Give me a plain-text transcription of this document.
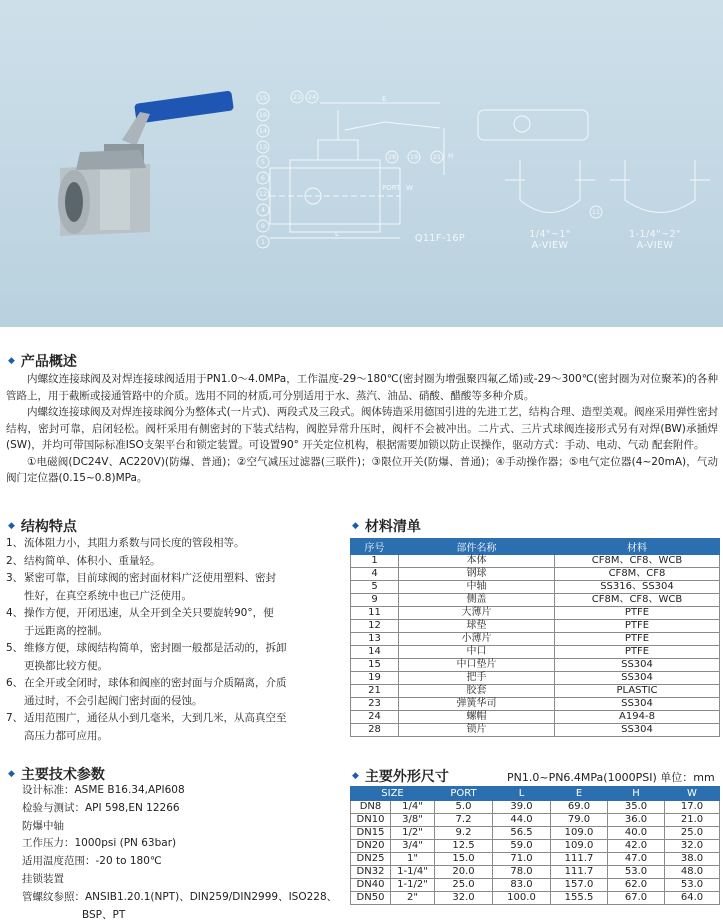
15
16
14
13
5
6
12
4
9
1
23 24
28 19 21
11
E
H
PORT W
L	Q11F-16P	1/4"~1"
A-VIEW
1-1/4"~2"
A-VIEW
◆ 产品概述

内螺纹连接球阀及对焊连接球阀适用于PN1.0～4.0MPa，工作温度-29～180℃(密封圈为增强聚四氟乙烯)或-29～300℃(密封圈为对位聚苯)的各种管路上，用于截断或接通管路中的介质。选用不同的材质,可分别适用于水、蒸汽、油品、硝酸、醋酸等多种介质。

内螺纹连接球阀及对焊连接球阀分为整体式(一片式)、两段式及三段式。阀体铸造采用德国引进的先进工艺，结构合理、造型美观。阀座采用弹性密封结构，密封可靠，启闭轻松。阀杆采用有侧密封的下装式结构，阀腔异常升压时，阀杆不会被冲出。二片式、三片式球阀连接形式另有对焊(BW)承插焊(SW)，并均可带国际标准ISO支架平台和锁定装置。可设置90° 开关定位机构，根据需要加锁以防止误操作，驱动方式：手动、电动、气动 配套附件。

①电磁阀(DC24V、AC220V)(防爆、普通)；②空气减压过滤器(三联件)；③限位开关(防爆、普通)；④手动操作器；⑤电气定位器(4~20mA)，气动阀门定位器(0.15~0.8)MPa。

◆ 结构特点
1、 流体阻力小，其阻力系数与同长度的管段相等。
2、 结构简单、体积小、重量轻。
3、 紧密可靠，目前球阀的密封面材料广泛使用塑料、密封
性好，在真空系统中也已广泛使用。
4、 操作方便，开闭迅速，从全开到全关只要旋转90°，便
于远距离的控制。
5、 维修方便，球阀结构简单，密封圈一般都是活动的，拆卸
更换都比较方便。
6、 在全开或全闭时，球体和阀座的密封面与介质隔离，介质
通过时，不会引起阀门密封面的侵蚀。
7、 适用范围广，通径从小到几毫米，大到几米，从高真空至
高压力都可应用。
◆ 材料清单
序号	部件名称	材料
1	本体	CF8M、CF8、WCB
4	钢球	CF8M、CF8
5	中轴	SS316、SS304
9	侧盖	CF8M、CF8、WCB
11	大薄片	PTFE
12	球垫	PTFE
13	小薄片	PTFE
14	中口	PTFE
15	中口垫片	SS304
19	把手	SS304
21	胶套	PLASTIC
23	弹簧华司	SS304
24	螺帽	A194-8
28	锁片	SS304
◆ 主要技术参数
设计标准：ASME B16.34,API608
检验与测试：API 598,EN 12266
防爆中轴
工作压力：1000psi (PN 63bar)
适用温度范围：-20 to 180℃
挂锁装置
管螺纹参照：ANSIB1.20.1(NPT)、DIN259/DIN2999、ISO228、
BSP、PT
◆ 主要外形尺寸	PN1.0~PN6.4MPa(1000PSI) 单位：mm
SIZE		PORT	L	E	H	W
DN8	1/4"	5.0	39.0	69.0	35.0	17.0
DN10	3/8"	7.2	44.0	79.0	36.0	21.0
DN15	1/2"	9.2	56.5	109.0	40.0	25.0
DN20	3/4"	12.5	59.0	109.0	42.0	32.0
DN25	1"	15.0	71.0	111.7	47.0	38.0
DN32	1-1/4"	20.0	78.0	111.7	53.0	48.0
DN40	1-1/2"	25.0	83.0	157.0	62.0	53.0
DN50	2"	32.0	100.0	155.5	67.0	64.0
